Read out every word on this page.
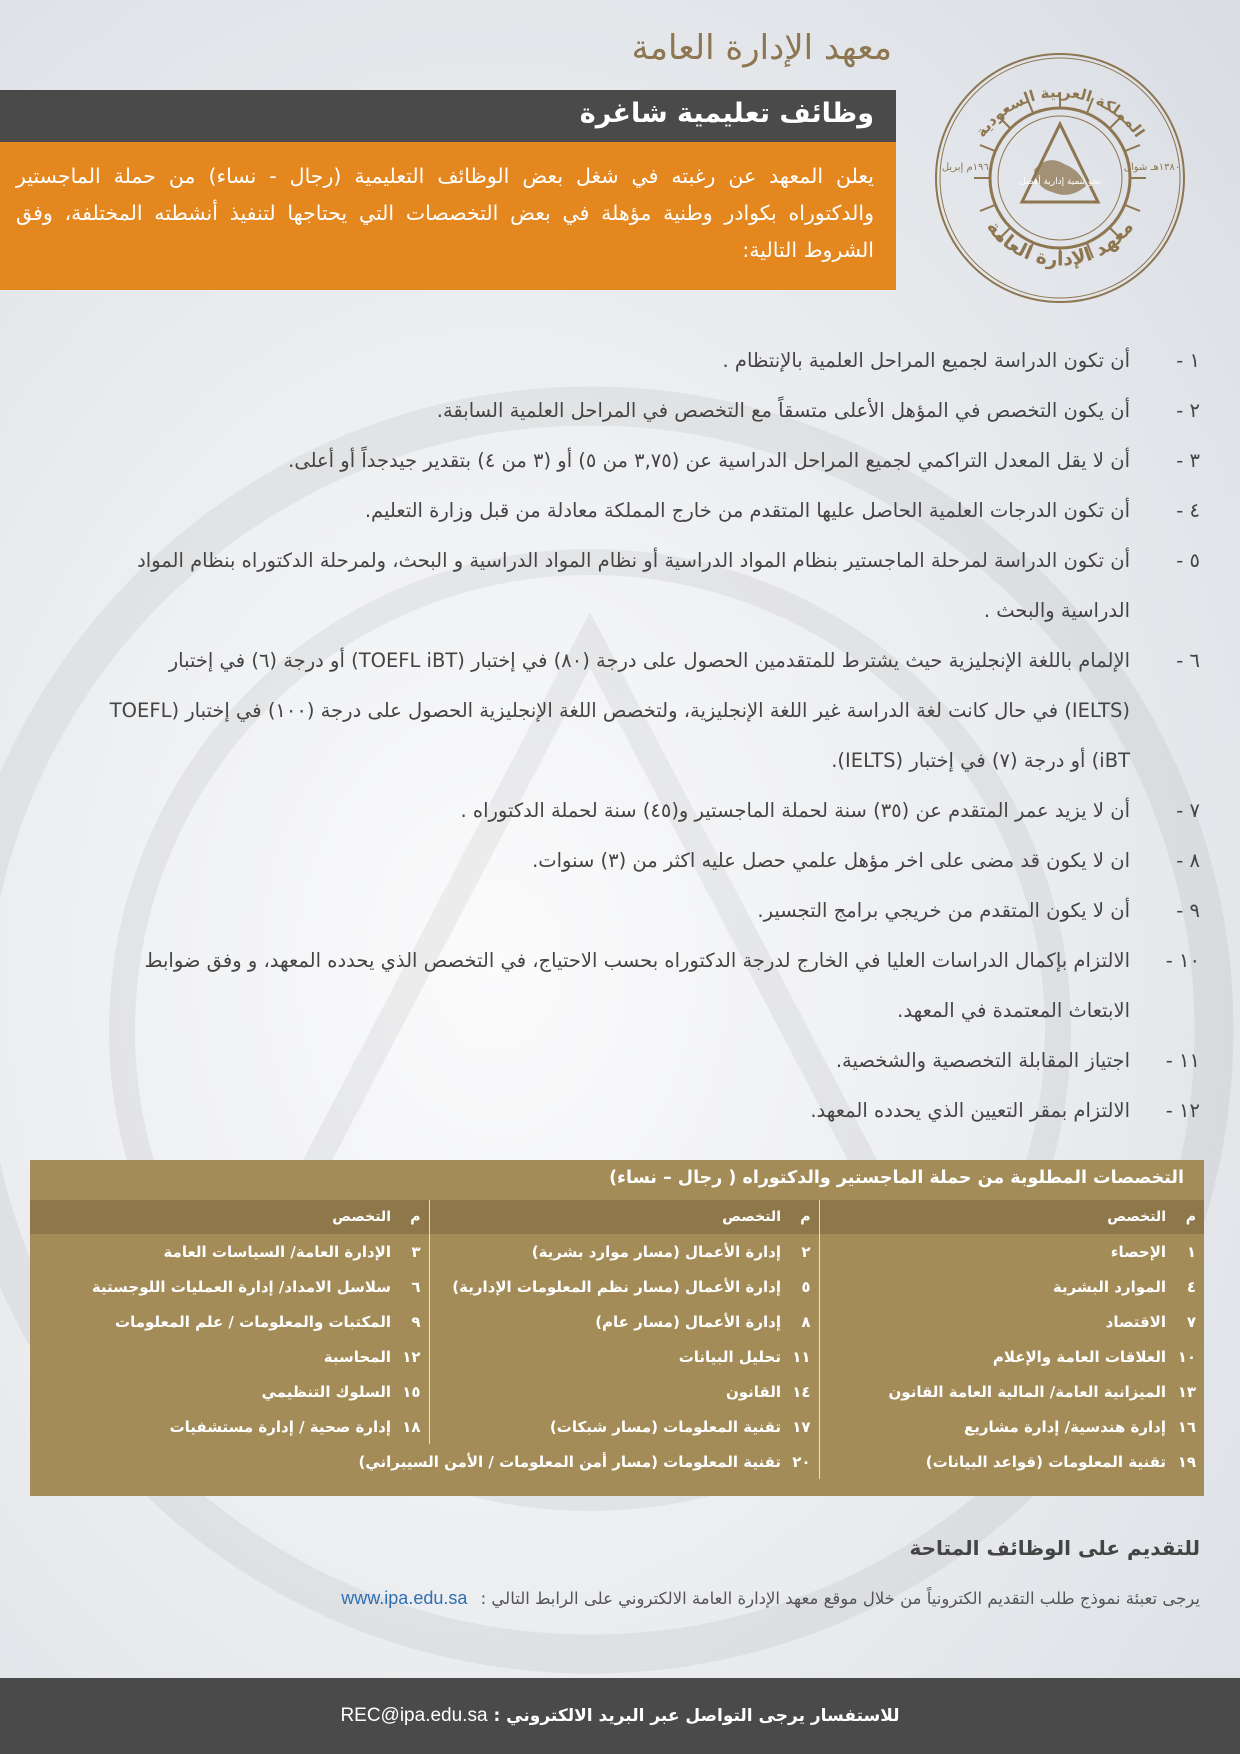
معهد الإدارة العامة
المملكة العربية السعودية
معهد الإدارة العامة
نحو تنمية إدارية أفضل
١٣٨٠هـ شوال
١٩٦١م إبريل
وظائف تعليمية شاغرة
يعلن المعهد عن رغبته في شغل بعض الوظائف التعليمية (رجال - نساء) من حملة الماجستير والدكتوراه بكوادر وطنية مؤهلة في بعض التخصصات التي يحتاجها لتنفيذ أنشطته المختلفة، وفق الشروط التالية:
١ -
أن تكون الدراسة لجميع المراحل العلمية بالإنتظام .
٢ -
أن يكون التخصص في المؤهل الأعلى متسقاً مع التخصص في المراحل العلمية السابقة.
٣ -
أن لا يقل المعدل التراكمي لجميع المراحل الدراسية عن (٣,٧٥ من ٥) أو (٣ من ٤) بتقدير جيدجداً أو أعلى.
٤ -
أن تكون الدرجات العلمية الحاصل عليها المتقدم من خارج المملكة معادلة من قبل وزارة التعليم.
٥ -
أن تكون الدراسة لمرحلة الماجستير بنظام المواد الدراسية أو نظام المواد الدراسية و البحث، ولمرحلة الدكتوراه بنظام المواد الدراسية والبحث .
٦ -
الإلمام باللغة الإنجليزية حيث يشترط للمتقدمين الحصول على درجة (٨٠) في إختبار (TOEFL iBT) أو درجة (٦) في إختبار (IELTS) في حال كانت لغة الدراسة غير اللغة الإنجليزية، ولتخصص اللغة الإنجليزية الحصول على درجة (١٠٠) في إختبار (TOEFL iBT) أو درجة (٧) في إختبار (IELTS).
٧ -
أن لا يزيد عمر المتقدم عن (٣٥) سنة لحملة الماجستير و(٤٥) سنة لحملة الدكتوراه .
٨ -
ان لا يكون قد مضى على اخر مؤهل علمي حصل عليه اكثر من (٣) سنوات.
٩ -
أن لا يكون المتقدم من خريجي برامج التجسير.
١٠ -
الالتزام بإكمال الدراسات العليا في الخارج لدرجة الدكتوراه بحسب الاحتياج، في التخصص الذي يحدده المعهد، و وفق ضوابط الابتعاث المعتمدة في المعهد.
١١ -
اجتياز المقابلة التخصصية والشخصية.
١٢ -
الالتزام بمقر التعيين الذي يحدده المعهد.
التخصصات المطلوبة من حملة الماجستير والدكتوراه ( رجال – نساء)
م	التخصص	م	التخصص	م	التخصص
١	الإحصاء	٢	إدارة الأعمال (مسار موارد بشرية)	٣	الإدارة العامة/ السياسات العامة
٤	الموارد البشرية	٥	إدارة الأعمال (مسار نظم المعلومات الإدارية)	٦	سلاسل الامداد/ إدارة العمليات اللوجستية
٧	الاقتصاد	٨	إدارة الأعمال (مسار عام)	٩	المكتبات والمعلومات / علم المعلومات
١٠	العلاقات العامة والإعلام	١١	تحليل البيانات	١٢	المحاسبة
١٣	الميزانية العامة/ المالية العامة القانون	١٤	القانون	١٥	السلوك التنظيمي
١٦	إدارة هندسية/ إدارة مشاريع	١٧	تقنية المعلومات (مسار شبكات)	١٨	إدارة صحية / إدارة مستشفيات
١٩	تقنية المعلومات (قواعد البيانات)	٢٠	تقنية المعلومات (مسار أمن المعلومات / الأمن السيبراني)		
للتقديم على الوظائف المتاحة
يرجى تعبئة نموذج طلب التقديم الكترونياً من خلال موقع معهد الإدارة العامة الالكتروني على الرابط التالي : www.ipa.edu.sa
للاستفسار يرجى التواصل عبر البريد الالكتروني : REC@ipa.edu.sa
